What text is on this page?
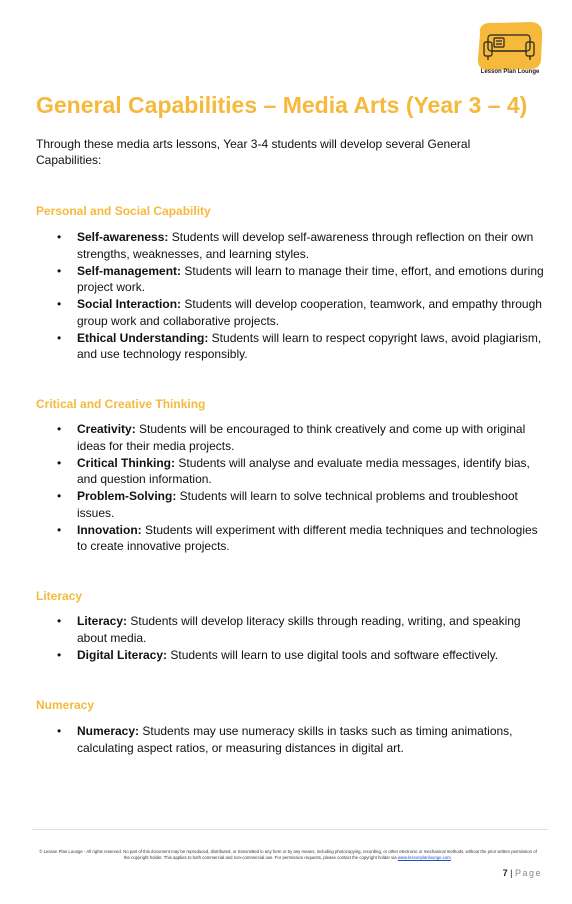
Lesson Plan Lounge
General Capabilities – Media Arts (Year 3 – 4)

Through these media arts lessons, Year 3-4 students will develop several General Capabilities:

Personal and Social Capability
• Self-awareness: Students will develop self-awareness through reflection on their own strengths, weaknesses, and learning styles.
• Self-management: Students will learn to manage their time, effort, and emotions during project work.
• Social Interaction: Students will develop cooperation, teamwork, and empathy through group work and collaborative projects.
• Ethical Understanding: Students will learn to respect copyright laws, avoid plagiarism, and use technology responsibly.
Critical and Creative Thinking
• Creativity: Students will be encouraged to think creatively and come up with original ideas for their media projects.
• Critical Thinking: Students will analyse and evaluate media messages, identify bias, and question information.
• Problem-Solving: Students will learn to solve technical problems and troubleshoot issues.
• Innovation: Students will experiment with different media techniques and technologies to create innovative projects.
Literacy
• Literacy: Students will develop literacy skills through reading, writing, and speaking about media.
• Digital Literacy: Students will learn to use digital tools and software effectively.
Numeracy
• Numeracy: Students may use numeracy skills in tasks such as timing animations, calculating aspect ratios, or measuring distances in digital art.

© Lesson Plan Lounge - All rights reserved. No part of this document may be reproduced, distributed, or transmitted in any form or by any means, including photocopying, recording, or other electronic or mechanical methods, without the prior written permission of the copyright holder. This applies to both commercial and non-commercial use. For permission requests, please contact the copyright holder via www.lessonplanlounge.com.

7 | Page
